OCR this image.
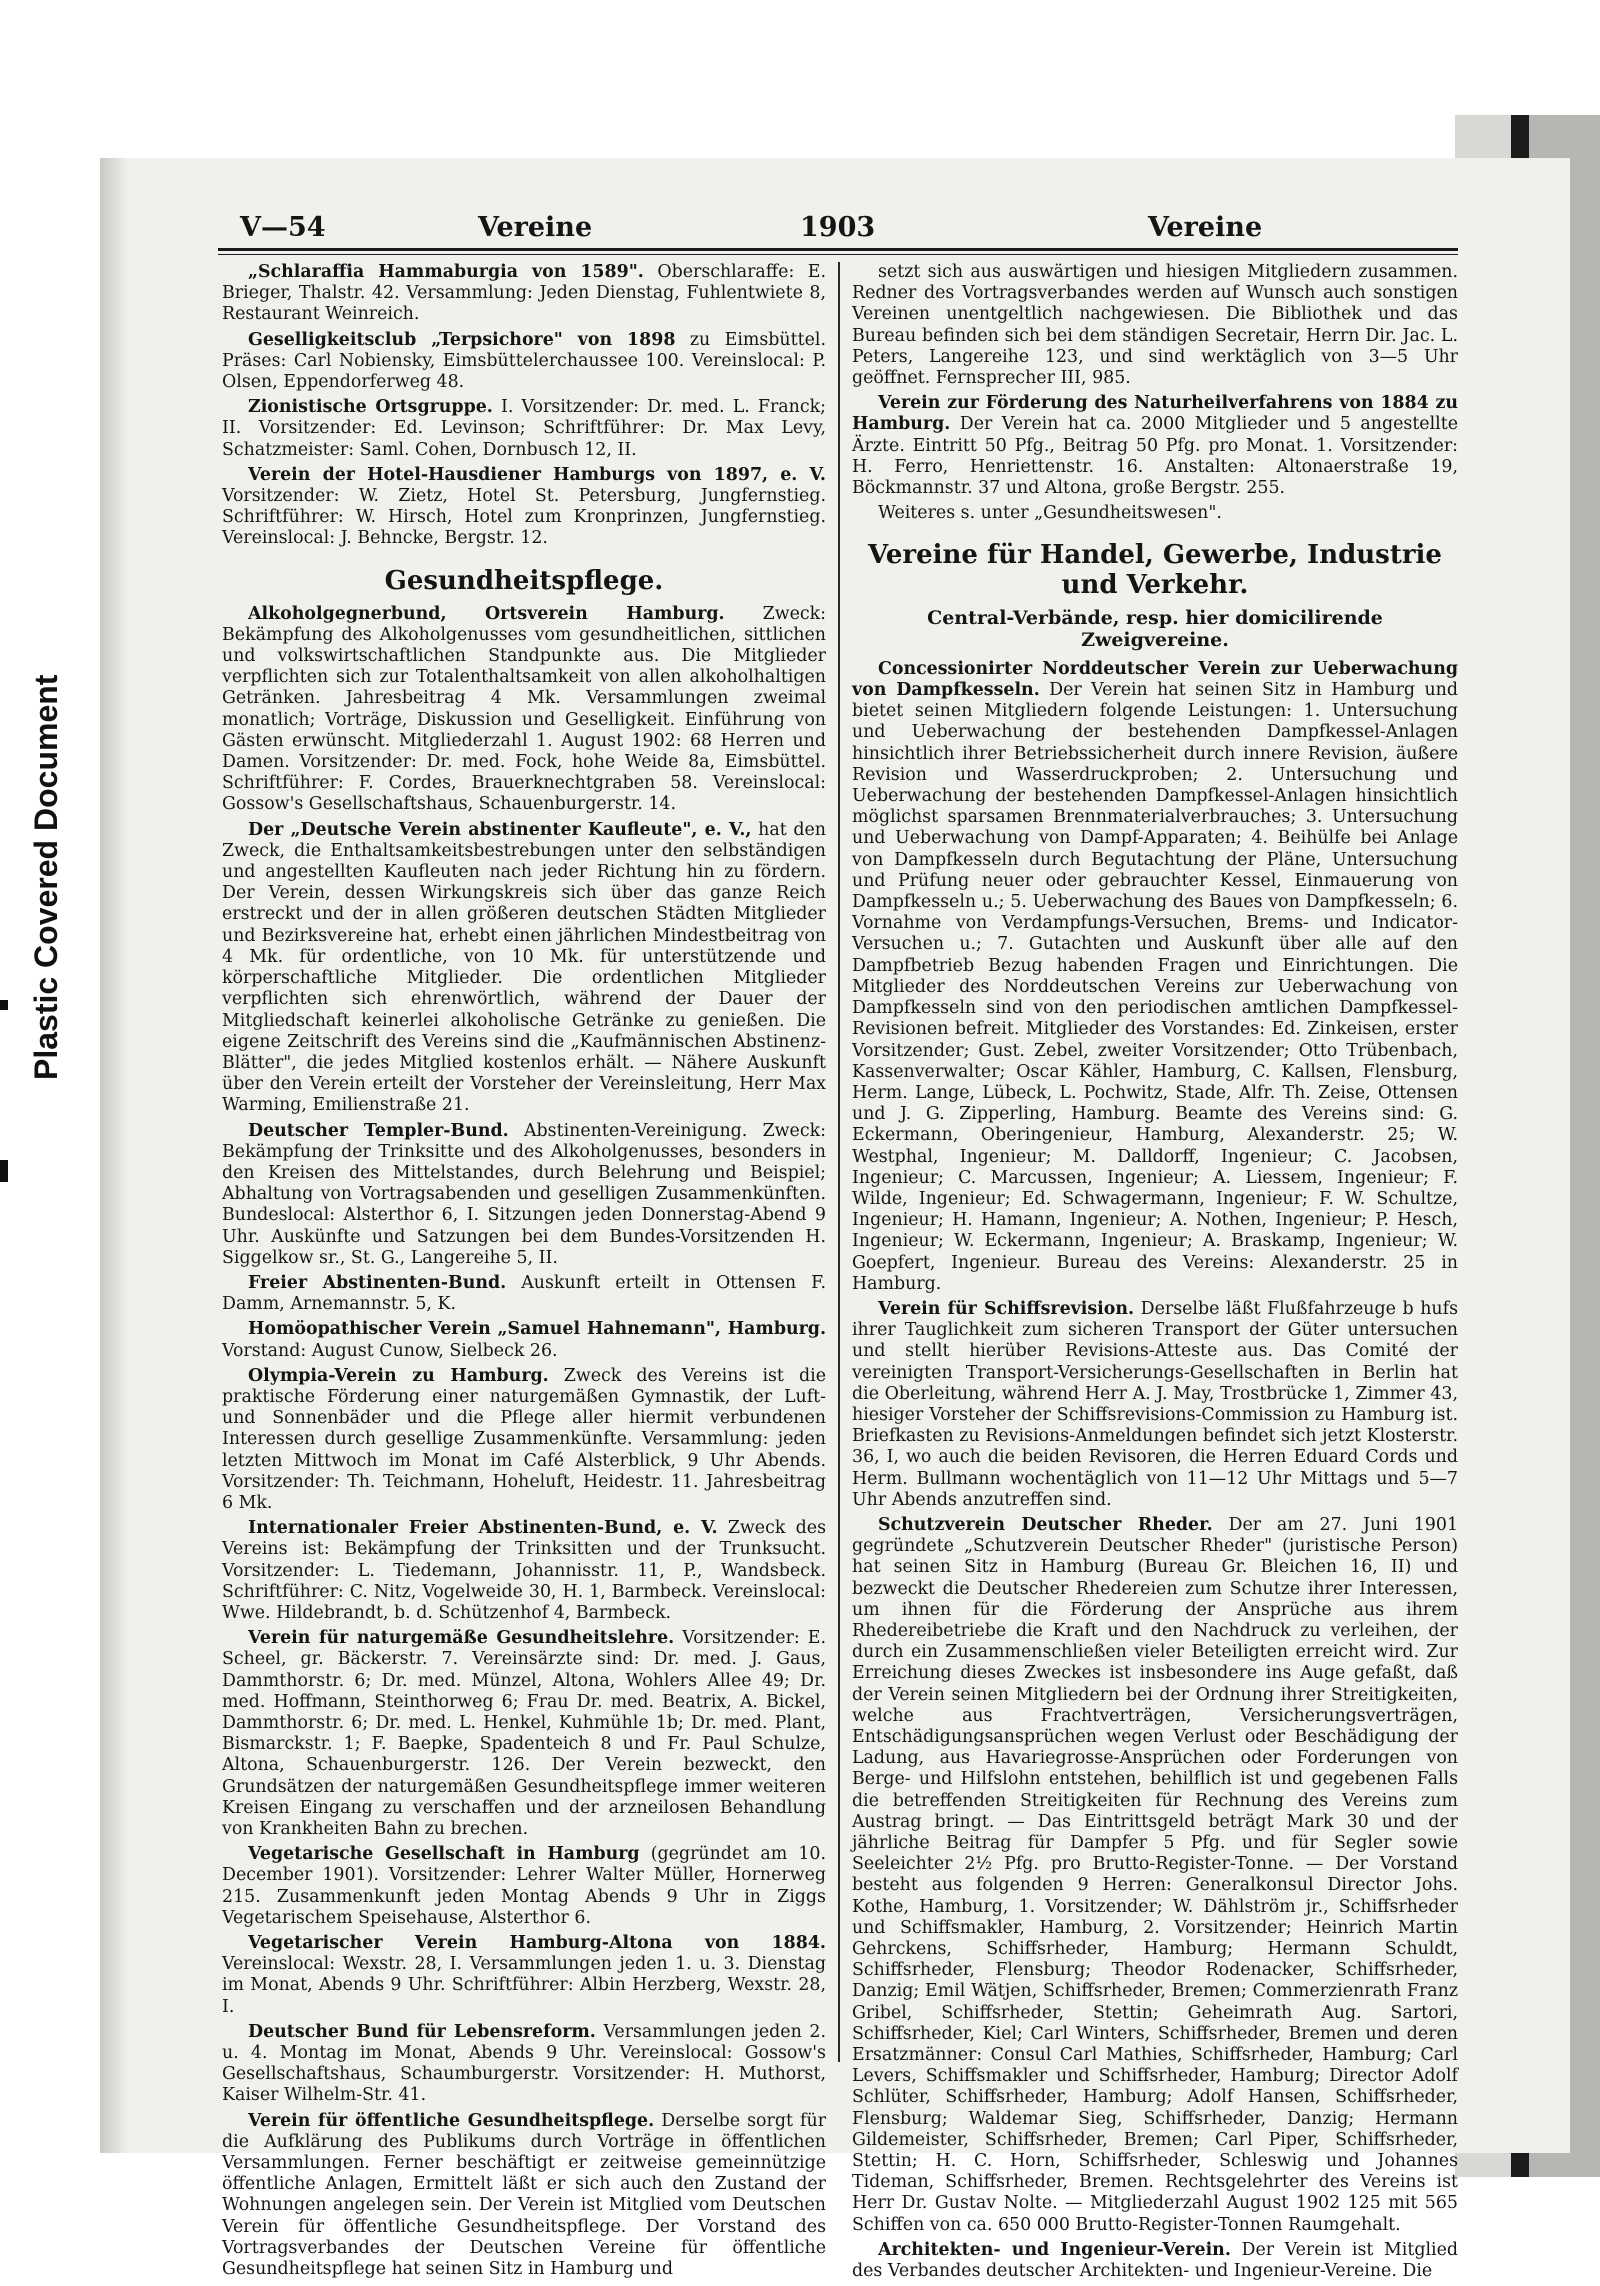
Plastic Covered Document
V—54	Vereine	1903	Vereine

„Schlaraffia Hammaburgia von 1589". Oberschlaraffe: E. Brieger, Thalstr. 42. Versammlung: Jeden Dienstag, Fuhlentwiete 8, Restaurant Weinreich.

Geselligkeitsclub „Terpsichore" von 1898 zu Eimsbüttel. Präses: Carl Nobiensky, Eimsbüttelerchaussee 100. Vereinslocal: P. Olsen, Eppendorferweg 48.

Zionistische Ortsgruppe. I. Vorsitzender: Dr. med. L. Franck; II. Vorsitzender: Ed. Levinson; Schriftführer: Dr. Max Levy, Schatzmeister: Saml. Cohen, Dornbusch 12, II.

Verein der Hotel-Hausdiener Hamburgs von 1897, e. V. Vorsitzender: W. Zietz, Hotel St. Petersburg, Jungfernstieg. Schriftführer: W. Hirsch, Hotel zum Kronprinzen, Jungfernstieg. Vereinslocal: J. Behncke, Bergstr. 12.

Gesundheitspflege.

Alkoholgegnerbund, Ortsverein Hamburg. Zweck: Bekämpfung des Alkoholgenusses vom gesundheitlichen, sittlichen und volkswirtschaftlichen Standpunkte aus. Die Mitglieder verpflichten sich zur Totalenthaltsamkeit von allen alkoholhaltigen Getränken. Jahresbeitrag 4 Mk. Versammlungen zweimal monatlich; Vorträge, Diskussion und Geselligkeit. Einführung von Gästen erwünscht. Mitgliederzahl 1. August 1902: 68 Herren und Damen. Vorsitzender: Dr. med. Fock, hohe Weide 8a, Eimsbüttel. Schriftführer: F. Cordes, Brauerknechtgraben 58. Vereinslocal: Gossow's Gesellschaftshaus, Schauenburgerstr. 14.

Der „Deutsche Verein abstinenter Kaufleute", e. V., hat den Zweck, die Enthaltsamkeitsbestrebungen unter den selbständigen und angestellten Kaufleuten nach jeder Richtung hin zu fördern. Der Verein, dessen Wirkungskreis sich über das ganze Reich erstreckt und der in allen größeren deutschen Städten Mitglieder und Bezirksvereine hat, erhebt einen jährlichen Mindestbeitrag von 4 Mk. für ordentliche, von 10 Mk. für unterstützende und körperschaftliche Mitglieder. Die ordentlichen Mitglieder verpflichten sich ehrenwörtlich, während der Dauer der Mitgliedschaft keinerlei alkoholische Getränke zu genießen. Die eigene Zeitschrift des Vereins sind die „Kaufmännischen Abstinenz-Blätter", die jedes Mitglied kostenlos erhält. — Nähere Auskunft über den Verein erteilt der Vorsteher der Vereinsleitung, Herr Max Warming, Emilienstraße 21.

Deutscher Templer-Bund. Abstinenten-Vereinigung. Zweck: Bekämpfung der Trinksitte und des Alkoholgenusses, besonders in den Kreisen des Mittelstandes, durch Belehrung und Beispiel; Abhaltung von Vortragsabenden und geselligen Zusammenkünften. Bundeslocal: Alsterthor 6, I. Sitzungen jeden Donnerstag-Abend 9 Uhr. Auskünfte und Satzungen bei dem Bundes-Vorsitzenden H. Siggelkow sr., St. G., Langereihe 5, II.

Freier Abstinenten-Bund. Auskunft erteilt in Ottensen F. Damm, Arnemannstr. 5, K.

Homöopathischer Verein „Samuel Hahnemann", Hamburg. Vorstand: August Cunow, Sielbeck 26.

Olympia-Verein zu Hamburg. Zweck des Vereins ist die praktische Förderung einer naturgemäßen Gymnastik, der Luft- und Sonnenbäder und die Pflege aller hiermit verbundenen Interessen durch gesellige Zusammenkünfte. Versammlung: jeden letzten Mittwoch im Monat im Café Alsterblick, 9 Uhr Abends. Vorsitzender: Th. Teichmann, Hoheluft, Heidestr. 11. Jahresbeitrag 6 Mk.

Internationaler Freier Abstinenten-Bund, e. V. Zweck des Vereins ist: Bekämpfung der Trinksitten und der Trunksucht. Vorsitzender: L. Tiedemann, Johannisstr. 11, P., Wandsbeck. Schriftführer: C. Nitz, Vogelweide 30, H. 1, Barmbeck. Vereinslocal: Wwe. Hildebrandt, b. d. Schützenhof 4, Barmbeck.

Verein für naturgemäße Gesundheitslehre. Vorsitzender: E. Scheel, gr. Bäckerstr. 7. Vereinsärzte sind: Dr. med. J. Gaus, Dammthorstr. 6; Dr. med. Münzel, Altona, Wohlers Allee 49; Dr. med. Hoffmann, Steinthorweg 6; Frau Dr. med. Beatrix, A. Bickel, Dammthorstr. 6; Dr. med. L. Henkel, Kuhmühle 1b; Dr. med. Plant, Bismarckstr. 1; F. Baepke, Spadenteich 8 und Fr. Paul Schulze, Altona, Schauenburgerstr. 126. Der Verein bezweckt, den Grundsätzen der naturgemäßen Gesundheitspflege immer weiteren Kreisen Eingang zu verschaffen und der arzneilosen Behandlung von Krankheiten Bahn zu brechen.

Vegetarische Gesellschaft in Hamburg (gegründet am 10. December 1901). Vorsitzender: Lehrer Walter Müller, Hornerweg 215. Zusammenkunft jeden Montag Abends 9 Uhr in Ziggs Vegetarischem Speisehause, Alsterthor 6.

Vegetarischer Verein Hamburg-Altona von 1884. Vereinslocal: Wexstr. 28, I. Versammlungen jeden 1. u. 3. Dienstag im Monat, Abends 9 Uhr. Schriftführer: Albin Herzberg, Wexstr. 28, I.

Deutscher Bund für Lebensreform. Versammlungen jeden 2. u. 4. Montag im Monat, Abends 9 Uhr. Vereinslocal: Gossow's Gesellschaftshaus, Schaumburgerstr. Vorsitzender: H. Muthorst, Kaiser Wilhelm-Str. 41.

Verein für öffentliche Gesundheitspflege. Derselbe sorgt für die Aufklärung des Publikums durch Vorträge in öffentlichen Versammlungen. Ferner beschäftigt er zeitweise gemeinnützige öffentliche Anlagen, Ermittelt läßt er sich auch den Zustand der Wohnungen angelegen sein. Der Verein ist Mitglied vom Deutschen Verein für öffentliche Gesundheitspflege. Der Vorstand des Vortragsverbandes der Deutschen Vereine für öffentliche Gesundheitspflege hat seinen Sitz in Hamburg und

setzt sich aus auswärtigen und hiesigen Mitgliedern zusammen. Redner des Vortragsverbandes werden auf Wunsch auch sonstigen Vereinen unentgeltlich nachgewiesen. Die Bibliothek und das Bureau befinden sich bei dem ständigen Secretair, Herrn Dir. Jac. L. Peters, Langereihe 123, und sind werktäglich von 3—5 Uhr geöffnet. Fernsprecher III, 985.

Verein zur Förderung des Naturheilverfahrens von 1884 zu Hamburg. Der Verein hat ca. 2000 Mitglieder und 5 angestellte Ärzte. Eintritt 50 Pfg., Beitrag 50 Pfg. pro Monat. 1. Vorsitzender: H. Ferro, Henriettenstr. 16. Anstalten: Altonaerstraße 19, Böckmannstr. 37 und Altona, große Bergstr. 255.

Weiteres s. unter „Gesundheitswesen".

Vereine für Handel, Gewerbe, Industrie und Verkehr.
Central-Verbände, resp. hier domicilirende Zweigvereine.

Concessionirter Norddeutscher Verein zur Ueberwachung von Dampfkesseln. Der Verein hat seinen Sitz in Hamburg und bietet seinen Mitgliedern folgende Leistungen: 1. Untersuchung und Ueberwachung der bestehenden Dampfkessel-Anlagen hinsichtlich ihrer Betriebssicherheit durch innere Revision, äußere Revision und Wasserdruckproben; 2. Untersuchung und Ueberwachung der bestehenden Dampfkessel-Anlagen hinsichtlich möglichst sparsamen Brennmaterialverbrauches; 3. Untersuchung und Ueberwachung von Dampf-Apparaten; 4. Beihülfe bei Anlage von Dampfkesseln durch Begutachtung der Pläne, Untersuchung und Prüfung neuer oder gebrauchter Kessel, Einmauerung von Dampfkesseln u.; 5. Ueberwachung des Baues von Dampfkesseln; 6. Vornahme von Verdampfungs-Versuchen, Brems- und Indicator-Versuchen u.; 7. Gutachten und Auskunft über alle auf den Dampfbetrieb Bezug habenden Fragen und Einrichtungen. Die Mitglieder des Norddeutschen Vereins zur Ueberwachung von Dampfkesseln sind von den periodischen amtlichen Dampfkessel-Revisionen befreit. Mitglieder des Vorstandes: Ed. Zinkeisen, erster Vorsitzender; Gust. Zebel, zweiter Vorsitzender; Otto Trübenbach, Kassenverwalter; Oscar Kähler, Hamburg, C. Kallsen, Flensburg, Herm. Lange, Lübeck, L. Pochwitz, Stade, Alfr. Th. Zeise, Ottensen und J. G. Zipperling, Hamburg. Beamte des Vereins sind: G. Eckermann, Oberingenieur, Hamburg, Alexanderstr. 25; W. Westphal, Ingenieur; M. Dalldorff, Ingenieur; C. Jacobsen, Ingenieur; C. Marcussen, Ingenieur; A. Liessem, Ingenieur; F. Wilde, Ingenieur; Ed. Schwagermann, Ingenieur; F. W. Schultze, Ingenieur; H. Hamann, Ingenieur; A. Nothen, Ingenieur; P. Hesch, Ingenieur; W. Eckermann, Ingenieur; A. Braskamp, Ingenieur; W. Goepfert, Ingenieur. Bureau des Vereins: Alexanderstr. 25 in Hamburg.

Verein für Schiffsrevision. Derselbe läßt Flußfahrzeuge b hufs ihrer Tauglichkeit zum sicheren Transport der Güter untersuchen und stellt hierüber Revisions-Atteste aus. Das Comité der vereinigten Transport-Versicherungs-Gesellschaften in Berlin hat die Oberleitung, während Herr A. J. May, Trostbrücke 1, Zimmer 43, hiesiger Vorsteher der Schiffsrevisions-Commission zu Hamburg ist. Briefkasten zu Revisions-Anmeldungen befindet sich jetzt Klosterstr. 36, I, wo auch die beiden Revisoren, die Herren Eduard Cords und Herm. Bullmann wochentäglich von 11—12 Uhr Mittags und 5—7 Uhr Abends anzutreffen sind.

Schutzverein Deutscher Rheder. Der am 27. Juni 1901 gegründete „Schutzverein Deutscher Rheder" (juristische Person) hat seinen Sitz in Hamburg (Bureau Gr. Bleichen 16, II) und bezweckt die Deutscher Rhedereien zum Schutze ihrer Interessen, um ihnen für die Förderung der Ansprüche aus ihrem Rhedereibetriebe die Kraft und den Nachdruck zu verleihen, der durch ein Zusammenschließen vieler Beteiligten erreicht wird. Zur Erreichung dieses Zweckes ist insbesondere ins Auge gefaßt, daß der Verein seinen Mitgliedern bei der Ordnung ihrer Streitigkeiten, welche aus Frachtverträgen, Versicherungsverträgen, Entschädigungsansprüchen wegen Verlust oder Beschädigung der Ladung, aus Havariegrosse-Ansprüchen oder Forderungen von Berge- und Hilfslohn entstehen, behilflich ist und gegebenen Falls die betreffenden Streitigkeiten für Rechnung des Vereins zum Austrag bringt. — Das Eintrittsgeld beträgt Mark 30 und der jährliche Beitrag für Dampfer 5 Pfg. und für Segler sowie Seeleichter 2½ Pfg. pro Brutto-Register-Tonne. — Der Vorstand besteht aus folgenden 9 Herren: Generalkonsul Director Johs. Kothe, Hamburg, 1. Vorsitzender; W. Dählström jr., Schiffsrheder und Schiffsmakler, Hamburg, 2. Vorsitzender; Heinrich Martin Gehrckens, Schiffsrheder, Hamburg; Hermann Schuldt, Schiffsrheder, Flensburg; Theodor Rodenacker, Schiffsrheder, Danzig; Emil Wätjen, Schiffsrheder, Bremen; Commerzienrath Franz Gribel, Schiffsrheder, Stettin; Geheimrath Aug. Sartori, Schiffsrheder, Kiel; Carl Winters, Schiffsrheder, Bremen und deren Ersatzmänner: Consul Carl Mathies, Schiffsrheder, Hamburg; Carl Levers, Schiffsmakler und Schiffsrheder, Hamburg; Director Adolf Schlüter, Schiffsrheder, Hamburg; Adolf Hansen, Schiffsrheder, Flensburg; Waldemar Sieg, Schiffsrheder, Danzig; Hermann Gildemeister, Schiffsrheder, Bremen; Carl Piper, Schiffsrheder, Stettin; H. C. Horn, Schiffsrheder, Schleswig und Johannes Tideman, Schiffsrheder, Bremen. Rechtsgelehrter des Vereins ist Herr Dr. Gustav Nolte. — Mitgliederzahl August 1902 125 mit 565 Schiffen von ca. 650 000 Brutto-Register-Tonnen Raumgehalt.

Architekten- und Ingenieur-Verein. Der Verein ist Mitglied des Verbandes deutscher Architekten- und Ingenieur-Vereine. Die
